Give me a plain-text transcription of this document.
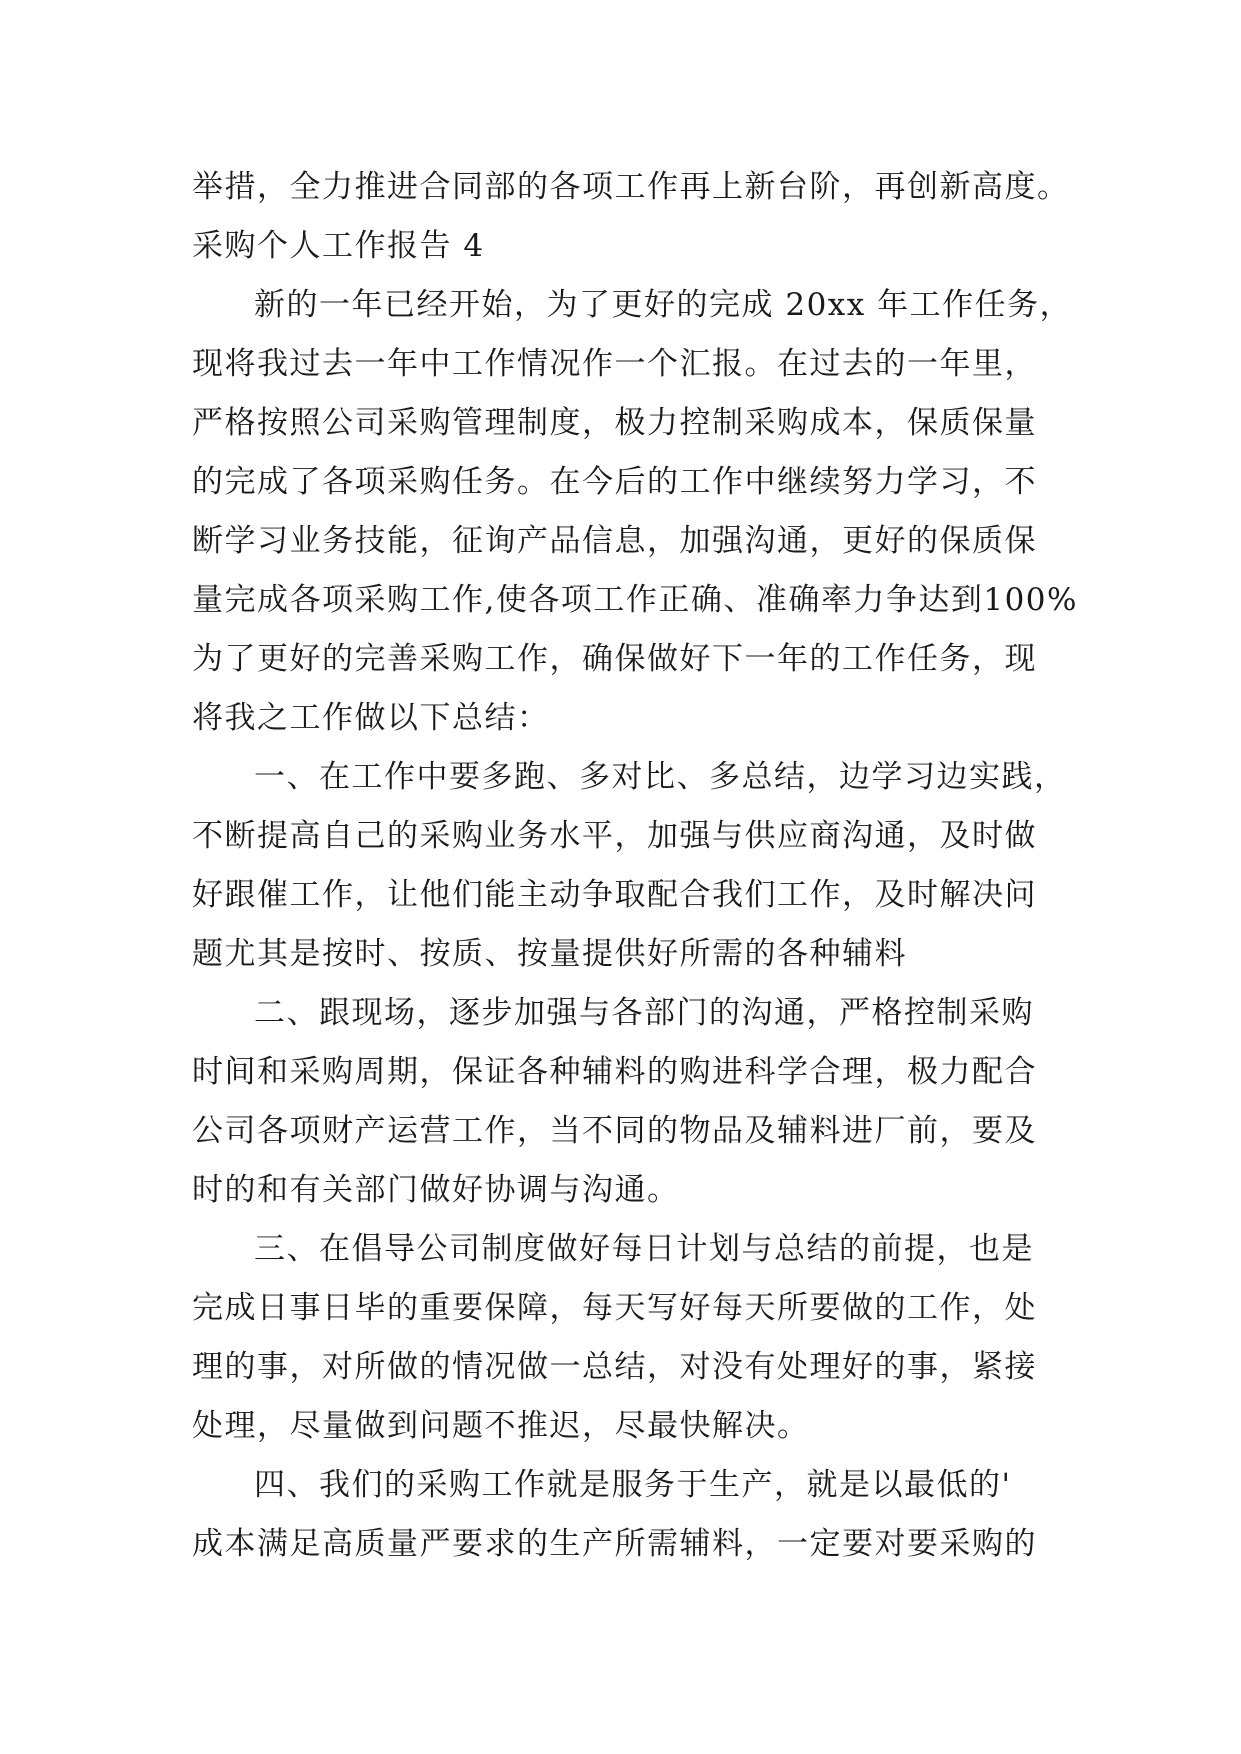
举措，全力推进合同部的各项工作再上新台阶，再创新高度。
采购个人工作报告 4
新的一年已经开始，为了更好的完成 20xx 年工作任务，
现将我过去一年中工作情况作一个汇报。在过去的一年里，
严格按照公司采购管理制度，极力控制采购成本，保质保量
的完成了各项采购任务。在今后的工作中继续努力学习，不
断学习业务技能，征询产品信息，加强沟通，更好的保质保
量完成各项采购工作,使各项工作正确、准确率力争达到100%
为了更好的完善采购工作，确保做好下一年的工作任务，现
将我之工作做以下总结：
一、在工作中要多跑、多对比、多总结，边学习边实践，
不断提高自己的采购业务水平，加强与供应商沟通，及时做
好跟催工作，让他们能主动争取配合我们工作，及时解决问
题尤其是按时、按质、按量提供好所需的各种辅料
二、跟现场，逐步加强与各部门的沟通，严格控制采购
时间和采购周期，保证各种辅料的购进科学合理，极力配合
公司各项财产运营工作，当不同的物品及辅料进厂前，要及
时的和有关部门做好协调与沟通。
三、在倡导公司制度做好每日计划与总结的前提，也是
完成日事日毕的重要保障，每天写好每天所要做的工作，处
理的事，对所做的情况做一总结，对没有处理好的事，紧接
处理，尽量做到问题不推迟，尽最快解决。
四、我们的采购工作就是服务于生产，就是以最低的'
成本满足高质量严要求的生产所需辅料，一定要对要采购的
